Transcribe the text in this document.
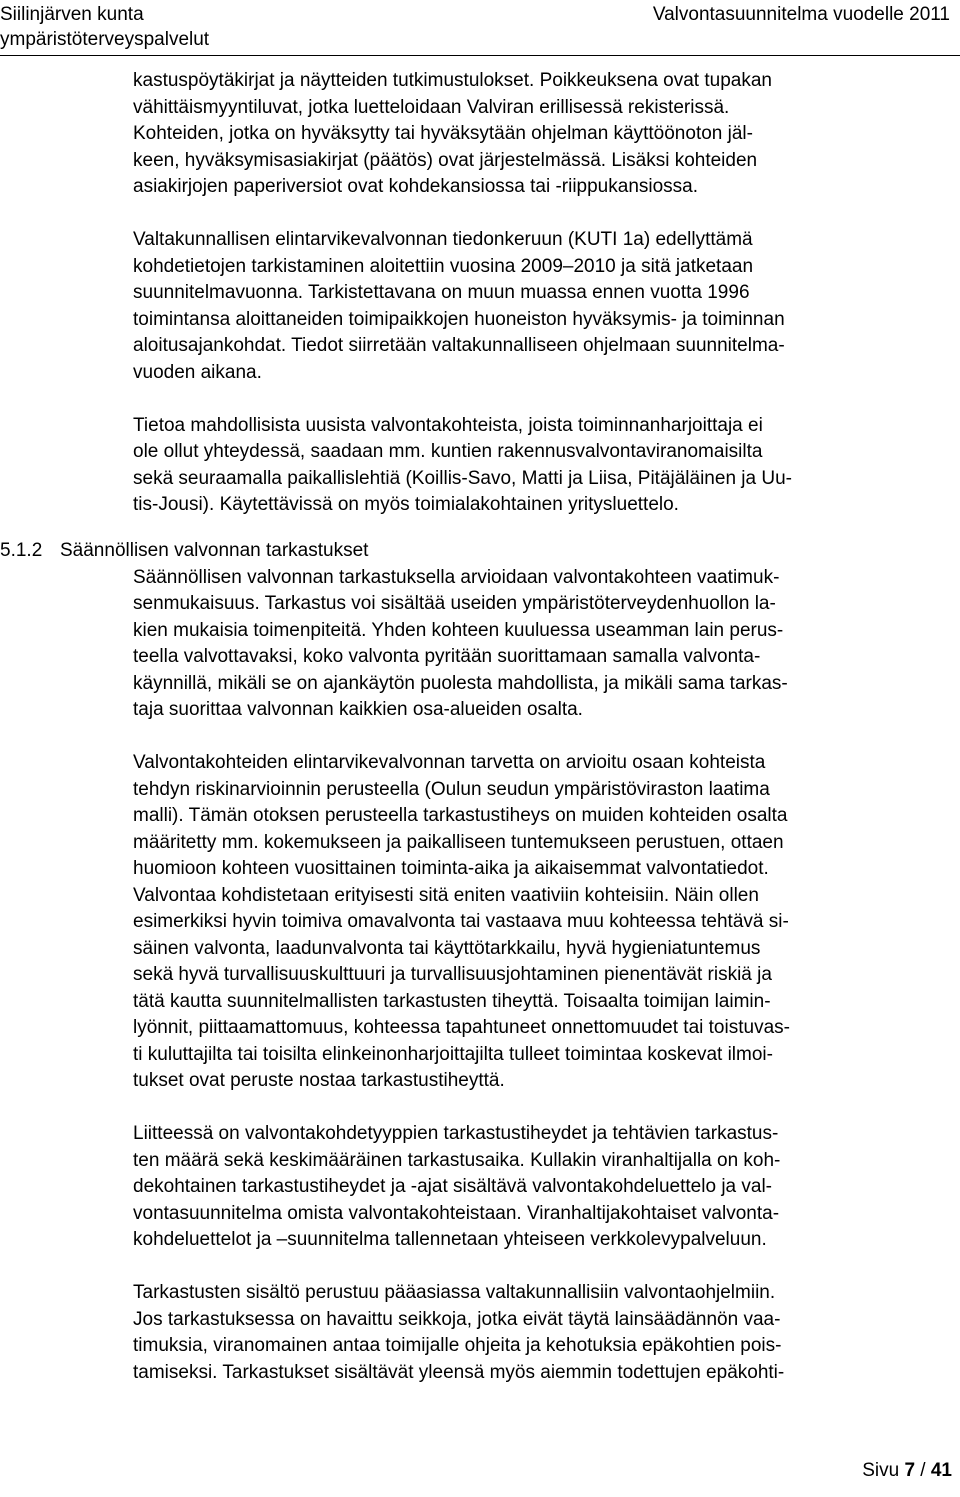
Siilinjärven kunta
ympäristöterveyspalvelut
Valvontasuunnitelma vuodelle 2011
kastuspöytäkirjat ja näytteiden tutkimustulokset. Poikkeuksena ovat tupakan
vähittäismyyntiluvat, jotka luetteloidaan Valviran erillisessä rekisterissä.
Kohteiden, jotka on hyväksytty tai hyväksytään ohjelman käyttöönoton jäl-
keen, hyväksymisasiakirjat (päätös) ovat järjestelmässä. Lisäksi kohteiden
asiakirjojen paperiversiot ovat kohdekansiossa tai -riippukansiossa.
Valtakunnallisen elintarvikevalvonnan tiedonkeruun (KUTI 1a) edellyttämä
kohdetietojen tarkistaminen aloitettiin vuosina 2009–2010 ja sitä jatketaan
suunnitelmavuonna. Tarkistettavana on muun muassa ennen vuotta 1996
toimintansa aloittaneiden toimipaikkojen huoneiston hyväksymis- ja toiminnan
aloitusajankohdat. Tiedot siirretään valtakunnalliseen ohjelmaan suunnitelma-
vuoden aikana.
Tietoa mahdollisista uusista valvontakohteista, joista toiminnanharjoittaja ei
ole ollut yhteydessä, saadaan mm. kuntien rakennusvalvontaviranomaisilta
sekä seuraamalla paikallislehtiä (Koillis-Savo, Matti ja Liisa, Pitäjäläinen ja Uu-
tis-Jousi). Käytettävissä on myös toimialakohtainen yritysluettelo.
5.1.2 Säännöllisen valvonnan tarkastukset
Säännöllisen valvonnan tarkastuksella arvioidaan valvontakohteen vaatimuk-
senmukaisuus. Tarkastus voi sisältää useiden ympäristöterveydenhuollon la-
kien mukaisia toimenpiteitä. Yhden kohteen kuuluessa useamman lain perus-
teella valvottavaksi, koko valvonta pyritään suorittamaan samalla valvonta-
käynnillä, mikäli se on ajankäytön puolesta mahdollista, ja mikäli sama tarkas-
taja suorittaa valvonnan kaikkien osa-alueiden osalta.
Valvontakohteiden elintarvikevalvonnan tarvetta on arvioitu osaan kohteista
tehdyn riskinarvioinnin perusteella (Oulun seudun ympäristöviraston laatima
malli). Tämän otoksen perusteella tarkastustiheys on muiden kohteiden osalta
määritetty mm. kokemukseen ja paikalliseen tuntemukseen perustuen, ottaen
huomioon kohteen vuosittainen toiminta-aika ja aikaisemmat valvontatiedot.
Valvontaa kohdistetaan erityisesti sitä eniten vaativiin kohteisiin. Näin ollen
esimerkiksi hyvin toimiva omavalvonta tai vastaava muu kohteessa tehtävä si-
säinen valvonta, laadunvalvonta tai käyttötarkkailu, hyvä hygieniatuntemus
sekä hyvä turvallisuuskulttuuri ja turvallisuusjohtaminen pienentävät riskiä ja
tätä kautta suunnitelmallisten tarkastusten tiheyttä. Toisaalta toimijan laimin-
lyönnit, piittaamattomuus, kohteessa tapahtuneet onnettomuudet tai toistuvas-
ti kuluttajilta tai toisilta elinkeinonharjoittajilta tulleet toimintaa koskevat ilmoi-
tukset ovat peruste nostaa tarkastustiheyttä.
Liitteessä on valvontakohdetyyppien tarkastustiheydet ja tehtävien tarkastus-
ten määrä sekä keskimääräinen tarkastusaika. Kullakin viranhaltijalla on koh-
dekohtainen tarkastustiheydet ja -ajat sisältävä valvontakohdeluettelo ja val-
vontasuunnitelma omista valvontakohteistaan. Viranhaltijakohtaiset valvonta-
kohdeluettelot ja –suunnitelma tallennetaan yhteiseen verkkolevypalveluun.
Tarkastusten sisältö perustuu pääasiassa valtakunnallisiin valvontaohjelmiin.
Jos tarkastuksessa on havaittu seikkoja, jotka eivät täytä lainsäädännön vaa-
timuksia, viranomainen antaa toimijalle ohjeita ja kehotuksia epäkohtien pois-
tamiseksi. Tarkastukset sisältävät yleensä myös aiemmin todettujen epäkohti-
Sivu 7 / 41
